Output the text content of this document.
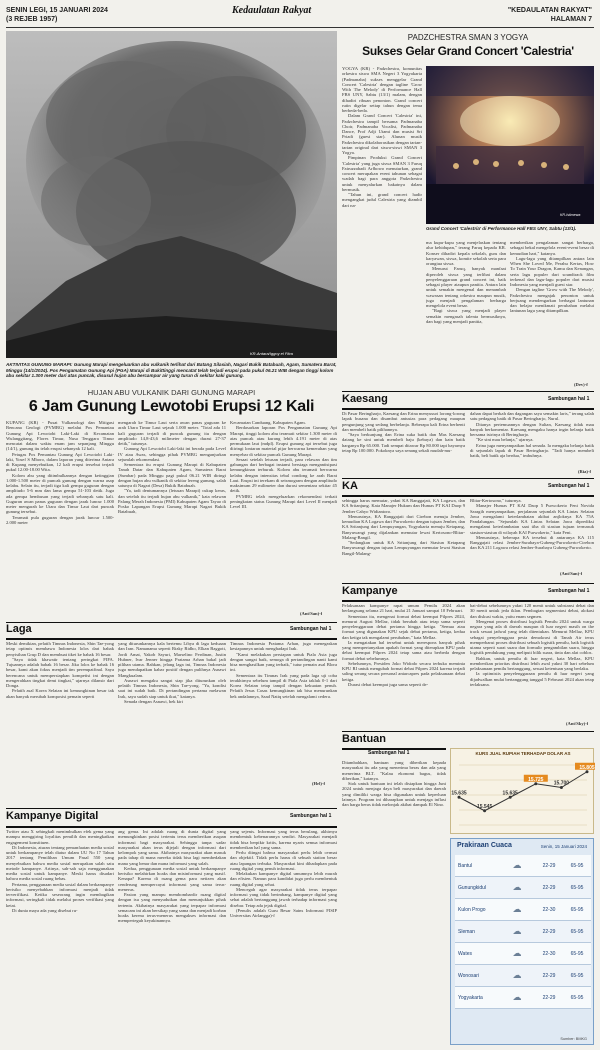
SENIN LEGI, 15 JANUARI 2024
(3 REJEB 1957)
Kedaulatan Rakyat	"KEDAULATAN RAKYAT"
HALAMAN 7
KR-Antara/Iggoy el Fitra
AKTIVITAS GUNUNG MARAPI: Gunung Marapi mengeluarkan abu vulkanik terlihat dari Batang Silasiah, Nagari Bukik Batabuah, Agam, Sumatera Barat, Minggu (14/1/2024). Pos Pengamatan Gunung Api (PGA) Marapi di Bukittinggi mencatat telah terjadi erupsi pada pukul 06.21 WIB dengan tinggi kolom abu sekitar 1.300 meter dari atas puncak, disusul hujan abu bercampur air yang turun di sekitar kaki gunung.
HUJAN ABU VULKANIK DARI GUNUNG MARAPI
6 Jam Gunung Lewotobi Erupsi 12 Kali

KUPANG (KR) - Pusat Vulkanologi dan Mitigasi Bencana Geologi (PVMBG) melalui Pos Pemantau Gunung Api Lewotobi Laki-Laki di Kecamatan Wulanggitang, Flores Timur, Nusa Tenggara Timur mencatat dalam waktu enam jam sepanjang Minggu (14/1), gunung itu telah erupsi sebanyak 12 kali.

Petugas Pos Pemantau Gunung Api Lewotobi Laki-laki, Yosef S Mboro, dalam laporan yang diterima Antara di Kupang menyebutkan, 12 kali erupsi tersebut terjadi pukul 12.00-18.00 Wita.

Kolom abu yang ditimbulkannya dengan ketinggian 1.000-1.500 meter di puncak gunung dengan warna asap kelabu. Selain itu, terjadi tiga kali gempa guguran dengan amplitudo 5-6 mm dan lama gempa 51-103 detik. Juga ada gempa hembusan yang terjadi sebanyak satu kali. Guguran awan panas guguran dengan jarak luncur 1.000 meter mengarah ke Utara dan Timur Laut dari puncak gunung tersebut.

Teramati pula guguran dengan jarak luncur 1.500-2.000 meter

mengarah ke Timur Laut serta awan panas guguran ke arah Utara Timur Laut sejauh 1.000 meter. "Total ada 11 kali guguran terjadi di puncak gunung itu dengan amplitudo 14,8-43,6 milimeter dengan durasi 27-37 detik," tutumya.

Gunung Api Lewotobi Laki-laki ini berada pada Level IV atau Awas, sehingga pihak PVMBG menganjurkan sejumlah rekomendasi.

Sementara itu erupsi Gunung Marapi di Kabupaten Tanah Datar dan Kabupaten Agam, Sumatera Barat (Sumbar) pada Minggu pagi pukul 06.21 WIB diringi dengan hujan abu vulkanik di sekitar lereng gunung, salah satunya di Nagari (Desa) Bukik Batabuah.

"Ya, tadi dentumannya (letusan Marapi) cukup keras, dan setelah itu terjadi hujan abu vulkanik," kata relawan Palang Merah Indonesia (PMI) Kabupaten Agam Tayao di Posko Lapangan Erupsi Gunung Marapi Nagari Bukik Batabuah,

Kecamatan Canduang, Kabupaten Agam.

Berdasarkan laporan Pos Pengamatan Gunung Api Marapi, tinggi kolom abu teramati sekitar 1.300 meter di atas puncak atau kurang lebih 4.191 meter di atas permukaan laut (mdpl). Erupsi gunung api tersebut juga diiringi lontaran material pijar berwarna kemerahan yang menyebar di sekitar puncak Gunung Marapi.

Sesaat setelah letusan terjadi, para relawan dan tim gabungan dari berbagai instansi bersiaga mengantisipasi kemungkinan terburuk. Kolom abu teramati berwarna kelabu dengan intensitas tebal condong ke arah Barat Laut. Erupsi ini terekam di seismogram dengan amplitudo maksimum 29 milimeter dan durasi sementara sekitar 45 detik.

PVMBG telah mengeluarkan rekomendasi terkait peningkatan status Gunung Marapi dari Level II menjadi Level III.

(Ant/San)-f
Laga	Sambungan hal 1

Meski demikian, pelatih Timnas Indonesia, Shin Tae-yong tetap optimis membawa Indonesia lolos dari babak penyisihan Grup D dan membuat tiket ke babak 16 besar.

"Saya tidak khawatir tentang peringkat FIFA. Tujuannya adalah babak 16 besar. Jika lolos ke babak 16 besar, kami akan fokus menjadi tim perempatfinal. Saya berencana untuk mempersiapkan kompetisi ini dengan mengerahkan tingkat demi tingkat," ujarnya dilansir dari Donga.

Pelatih asal Korea Selatan ini kemungkinan besar tak akan banyak merubah komposisi pemain seperti

yang diturunkannya kala bertemu Libya di laga keduaan dan Iran. Namanama seperti Rizky Ridho, Elkan Baggott, Jordi Amat, Yakob Sayuri, Marselino Ferdinan, Justin Hubner, Ivar Jenner hingga Pratama Arhan bakal jadi pilihan utama. Bahkan, jelang laga ini, Timnas Indonesia juga mendapatkan kabar positif dengan pulihnya Asnawi Mangkualam.

Asnawi mengaku sangat siap jika diturunkan oleh pelatih Timnas Indonesia, Shin Tae-yong. "Ya, kondisi saat ini sudah baik. Di pertandingan pertama melawan Irak, saya sudah siap untuk ikut," katanya.

Senada dengan Asnawi, bek kiri

Timnas Indonesia Pratama Arhan, juga menegaskan kesiapannya untuk menghadapi Irak.

"Kami melakukan persiapan untuk Piala Asia juga dengan sangat baik, semoga di pertandingan nanti kami bisa menghasilkan yang terbaik," tutur pemain asal Blora ini.

Sementara itu Timnas Irak yang pada laga uji coba terakhirnya sebelum tampil di Piala Asia takluk 0-1 dari Korea Selatan tetap tampil dengan kekuatan penuh. Pelatih Jesus Casas kemungkinan tak bisa menurunkan bek andalannya, Saad Natiq setelah mengalami cedera.

(Hrl)-f
Kampanye Digital	Sambungan hal 1

Twitter atau X sehingkali menimbulkan efek gema yang mampu menggiring loyalitas pemilih dan meningkatkan engagement konstituen.

Di Indonesia, aturan tentang pemanfaatan media sosial untuk berkampanye telah diatur dalam UU No 17 Tahun 2017 tentang Pemilihan Umum Pasal 550 yang menyebutkan bahwa media sosial merupakan salah satu metode kampanye. Artinya, sah-sah saja menggunakan media sosial untuk kampanye. Meski harus disadari bahwa media sosial ruang bebas.

Pertama, penggunaan media sosial dalam berkampanye berisiko menyebabkan informasi menjadi tidak terverifikasi. Ketika seseorang ingin membagikan informasi, seringkali tidak melalui proses verifikasi yang ketat.

Di dunia maya ada yang disebut ru-

ang gema. Ini adalah ruang di dunia digital yang memungkinkan posisi tertentu terus memberikan asupan informasi bagi masyarakat. Sehingga tanpa sadar masyarakat akan terus dijejali dengan informasi dari kelompok yang sama. Akibatnya masyarakat akan masuk pada tahap di mana mereka tidak bisa lagi membedakan mana yang benar dan mana informasi yang salah.

Kedua, penggunaan media sosial untuk berkampanye berisiko melahirkan hoaks dan misinformasi yang masif. Kenapa? Karena di ruang gema para netizen akan cenderung mempercayai informasi yang sama terus-menerus.

Pasion yang mampu membombardir ruang digital dengan isu yang menyudutkan dan menunjukkan pihak tertentu. Akibatnya masyarakat yang terpapar informasi semacam ini akan bersikap yang sama dan menjadi korban hoaks kerena terus-menerus mengakses informasi dan memperteguh keyakinannya.

yang sejenis. Informasi yang terus berulang, akhirnya membentuk kebenarannya sendiri. Masyarakat menjadi tidak bisa berpikir kritis, karena nyaris semua informasi memberikan hal yang sama.

Perlu diingat bahwa masyarakat perlu lebih cermat dan objektif. Tidak perlu harus di sebuah station besar atau lapangan terbuka. Masyarakat kini dihadapkan pada ruang digital yang penuh informasi.

Melakukan kampanye digital umumnya lebih murah dan efisien. Namun para kandidat juga perlu membentuk ruang digital yang sehat.

Mencegah agar masyarakat tidak terus terpapar informasi yang tidak berimbang, kampanye digital yang sehat adalah bertanggung jawab terhadap informasi yang disebar. Tetap ada jejak digital.

(Penulis adalah Guru Besar Sains Informasi FISIP Universitas Airlangga)-f

PADZCHESTRA SMAN 3 YOGYA
Sukses Gelar Grand Concert 'Calestria'

YOGYA (KR) - Padzchestra, komunitas orkestra siswa SMA Negeri 3 Yogyakarta (Padmanaba) sukses menggelar Grand Concert 'Calestria' dengan tagline 'Grow With The Melody' di Performance Hall FBS UNY, Sabtu (13/1) malam, dengan dihadiri ribuan penonton. Grand concert rutin digelar setiap tahun dengan tema berbeda-beda.

Dalam Grand Concert 'Calestria' ini, Padzchestra tampil bersama Padmanaba Choir, Padmanaba Vocalist, Padmanaba Dance, Prof Adji Utami dan musisi Sri Priadi (guest star). Alunan musik Padzchestra dikolaborasikan dengan tarian-tarian original dari siswa-siswi SMAN 3 Yogya.

Pimpinan Produksi Grand Concert 'Calestria' yang juga siswa SMAN 3 Faruq Fairuzzabadi Arfbowo menuturkan, grand concert merupakan event tahunan sebagai wadah bagi para anggota Padzchestra untuk menyalurkan bakatnya dalam bermusik.

"Tahun ini, grand concert hadir mengangkat judul Calestria yang diambil dari na-

KR-Istimewa
Grand Concert 'Calestria' di Performance Hall FBS UNY, Sabtu (13/1).

ma kupu-kupu yang menjelaskan tentang alur kehidupan," terang Faruq kepada KR. Konser dihadiri kepala sekolah, guru dan karyawan, siswa, komite sekolah serta para orangtua siswa.

Menurut Faruq, banyak manfaat diperoleh siswa yang terlibat dalam penyelenggaraan grand concert ini, baik sebagai player ataupun panitia. Antara lain untuk semakin mengenal dan menambah wawasan tentang orkestra maupun musik, juga menjadi pengalaman berharga mengelola event besar.

"Bagi siswa yang menjadi player semakin mengasah talenta bermusiknya, dan bagi yang menjadi panitia,

memberikan pengalaman sangat berharga, sebagai bekal mengelola event-event besar di kemudian hari," katanya.

Lagu-lagu yang ditampilkan antara lain When She Loved Me, Perahu Kertas, How To Train Your Dragon, Kamu dan Kenangan, serta lagu populer dari soundtrack film terkenal dan lagu-lagu populer dari musisi Indonesia yang menjadi guest star.

Dengan tagline 'Grow with The Melody', Padzchestra mengajak penonton untuk berjuang mendengarkan berbagai lantunan dan belajar menikmati perubahan melalui lantunan lagu yang ditampilkan.

(Dev)-f
Kaesang	Sambungan hal 1

Di Pasar Beringharjo, Kaesang dan Erina menyusuri lorong-lorong lapak busana dan disambut antusias para pedagang maupun pengunjung yang sedang berbelanja. Beberapa kali Erina berhenti dan membeli batik pilihannya.

"Saya berkunjung dan Erina suka batik dan Mas Kaesang datang ke sini untuk membeli baju (kebaya) dan kain batik harganya Rp 65.000. Tadi sempat ditawar Rp 80.000 tapi bayarnya tetap Rp 100.000. Pokoknya saya senang sekali mudah-mu-

dahan dapat berkah dan dagangan saya semakin laris," terang salah satu pedagang batik di Pasar Beringharjo, Nurul.

Ditanya pertemuannya dengan Sultan, Kaesang tidak mau banyak berkomentar. Kaesang mengaku hanya ingin belanja batik bersama istrinya di Beringharjo.

"Ke sini mau belanja," ujarnya.

Erina juga menyampaikan hal senada. Ia mengaku belanja batik di sejumlah lapak di Pasar Beringharjo. "Tadi hanya membeli batik, beli batik aja berdua," imbuhnya.

(Ria)-f
KA	Sambungan hal 1

sehingga harus memutar, yakni KA Ranggajati, KA Logawa, dan KA Sritanjung. Kata Manajer Hukum dan Humas PT KAI Daop 9 Jember Cahyo Widiantoro.

Menurutnya, KA Ranggajati dari Cirebon menuju Jember, kemudian KA Logawa dari Purwokerto dengan tujuan Jember, dan KA Sritanjung dari Lempuyangan, Yogyakarta menuju Ketapang, Banyuwangi yang dijalankan memutar lewat Kertosono-Blitar-Malang-Bangil.

"Sedangkan untuk KA Sritanjung dari Stasiun Ketapang Banyuwangi dengan tujuan Lempuyangan memutar lewat Stasiun Bangil-Malang-

Blitar-Kertosono," tuturnya.

Manajer Humas PT KAI Daop 5 Purwokerto Feni Novida Saragih menyampaikan, perjalanan sejumlah KA Lintas Selatan Jawa mengalami keterlambatan akibat anjloknya KA 75A Pandalungan. "Sejumlah KA Lintas Selatan Jawa diprediksi mengalami keterlambatan saat tiba di stasiun tujuan termasuk stasiun-stasiun di wilayah KAI Purwokerto," kata Feni.

Menurutnya, beberapa KA tersebut di antaranya KA 115 Ranggajati relasi Jember-Surabaya-Gubeng-Purwokerto-Cirebon dan KA 211 Logawa relasi Jember-Surabaya Gubeng-Purwokerto.

(Ant/San)-f
Kampanye	Sambungan hal 1

Pelaksanaan kampanye rapat umum Pemilu 2024 akan berlangsung selama 21 hari, mulai 21 Januari sampai 10 Februari.

Sementara itu, mengenai format debat keempat Pilpres 2024, menurut August Mellaz, tidak berubah atau tetap sama seperti penyelenggaraan debat pertama hingga ketiga. "Semua atau format yang digunakan KPU sejak debat pertama, ketiga, kedua dan ketiga tak mengalami perubahan," kata Mellaz.

Ia mengatakan hal tersebut untuk merespons banyak pihak yang mempertanyakan apakah format yang diterapkan KPU pada debat keempat Pilpres 2024 tetap sama atau berbeda dengan format debat sebelumnya.

Sebelumnya, Presiden Joko Widodo secara terbuka meminta KPU RI untuk mengubah format debat Pilpres 2024 karena terjadi saling serang secara personal antarcapres pada pelaksanaan debat ketiga.

Durasi debat keempat juga sama seperti de-

bat-debat sebelumnya yakni 120 menit untuk substansi debat dan 30 menit untuk jeda iklan. Pembagian segmentasi debat, alokasi dan diskusi waktu, yaitu enam segmen.

Mengenai proses distribusi logistik Pemilu 2024 untuk warga negara yang ada di daerah maupun di luar negeri masih on the track sesuai jadwal yang telah ditentukan. Menurut Mellaz, KPU sebagai penyelenggara pesta demokrasi di Tanah Air terus memperbarui proses distribusi sebuah logistik pemilu, baik logistik utama seperti surat suara dan formulir pengambilan suara, hingga logistik pendukung yang meliputi bilik suara, tinta dan alat coblos.

Bahkan, untuk pemilu di luar negeri, kata Mellaz, KPU memberikan prioritas distribusi lebih awal yakni 30 hari sebelum pelaksanaan pemilu bertanggung, sesuai ketentuan yang berlaku.

Ia optimistis penyelenggaraan pemilu di luar negeri yang dijadwalkan mulai bertanggung tanggal 5 Februari 2024 akan tetap terlaksana.

(Ant/Sky)-f
Bantuan
Sambungan hal 1

Ditambahkan, bantuan yang diberikan kepada masyarakat itu ada yang menerima beras dan ada yang menerima BLT. "Kalau ekonomi bagus, tidak diberikan," katanya.

Stok untuk bantuan ini telah disiapkan hingga Juni 2024 untuk menjaga daya beli masyarakat dan daerah yang dimiliki warga bisa digunakan untuk keperluan lainnya. Program ini diharapkan untuk menjaga inflasi dan harga beras tidak melonjak akibat dampak El Nino.

KURS JUAL RUPIAH TERHADAP DOLAR AS
15.635
15.545
15.635
15.725
15.700
15.805
Prakiraan Cuaca	Senin, 15 Januari 2024
Bantul	☁	22-29	65-95
Gunungkidul	☁	22-29	65-95
Kulon Progo	☁	22-30	65-95
Sleman	☁	22-29	65-95
Wates	☁	22-30	65-95
Wonosari	☁	22-29	65-95
Yogyakarta	☁	22-29	65-95
Sumber: BMKG
